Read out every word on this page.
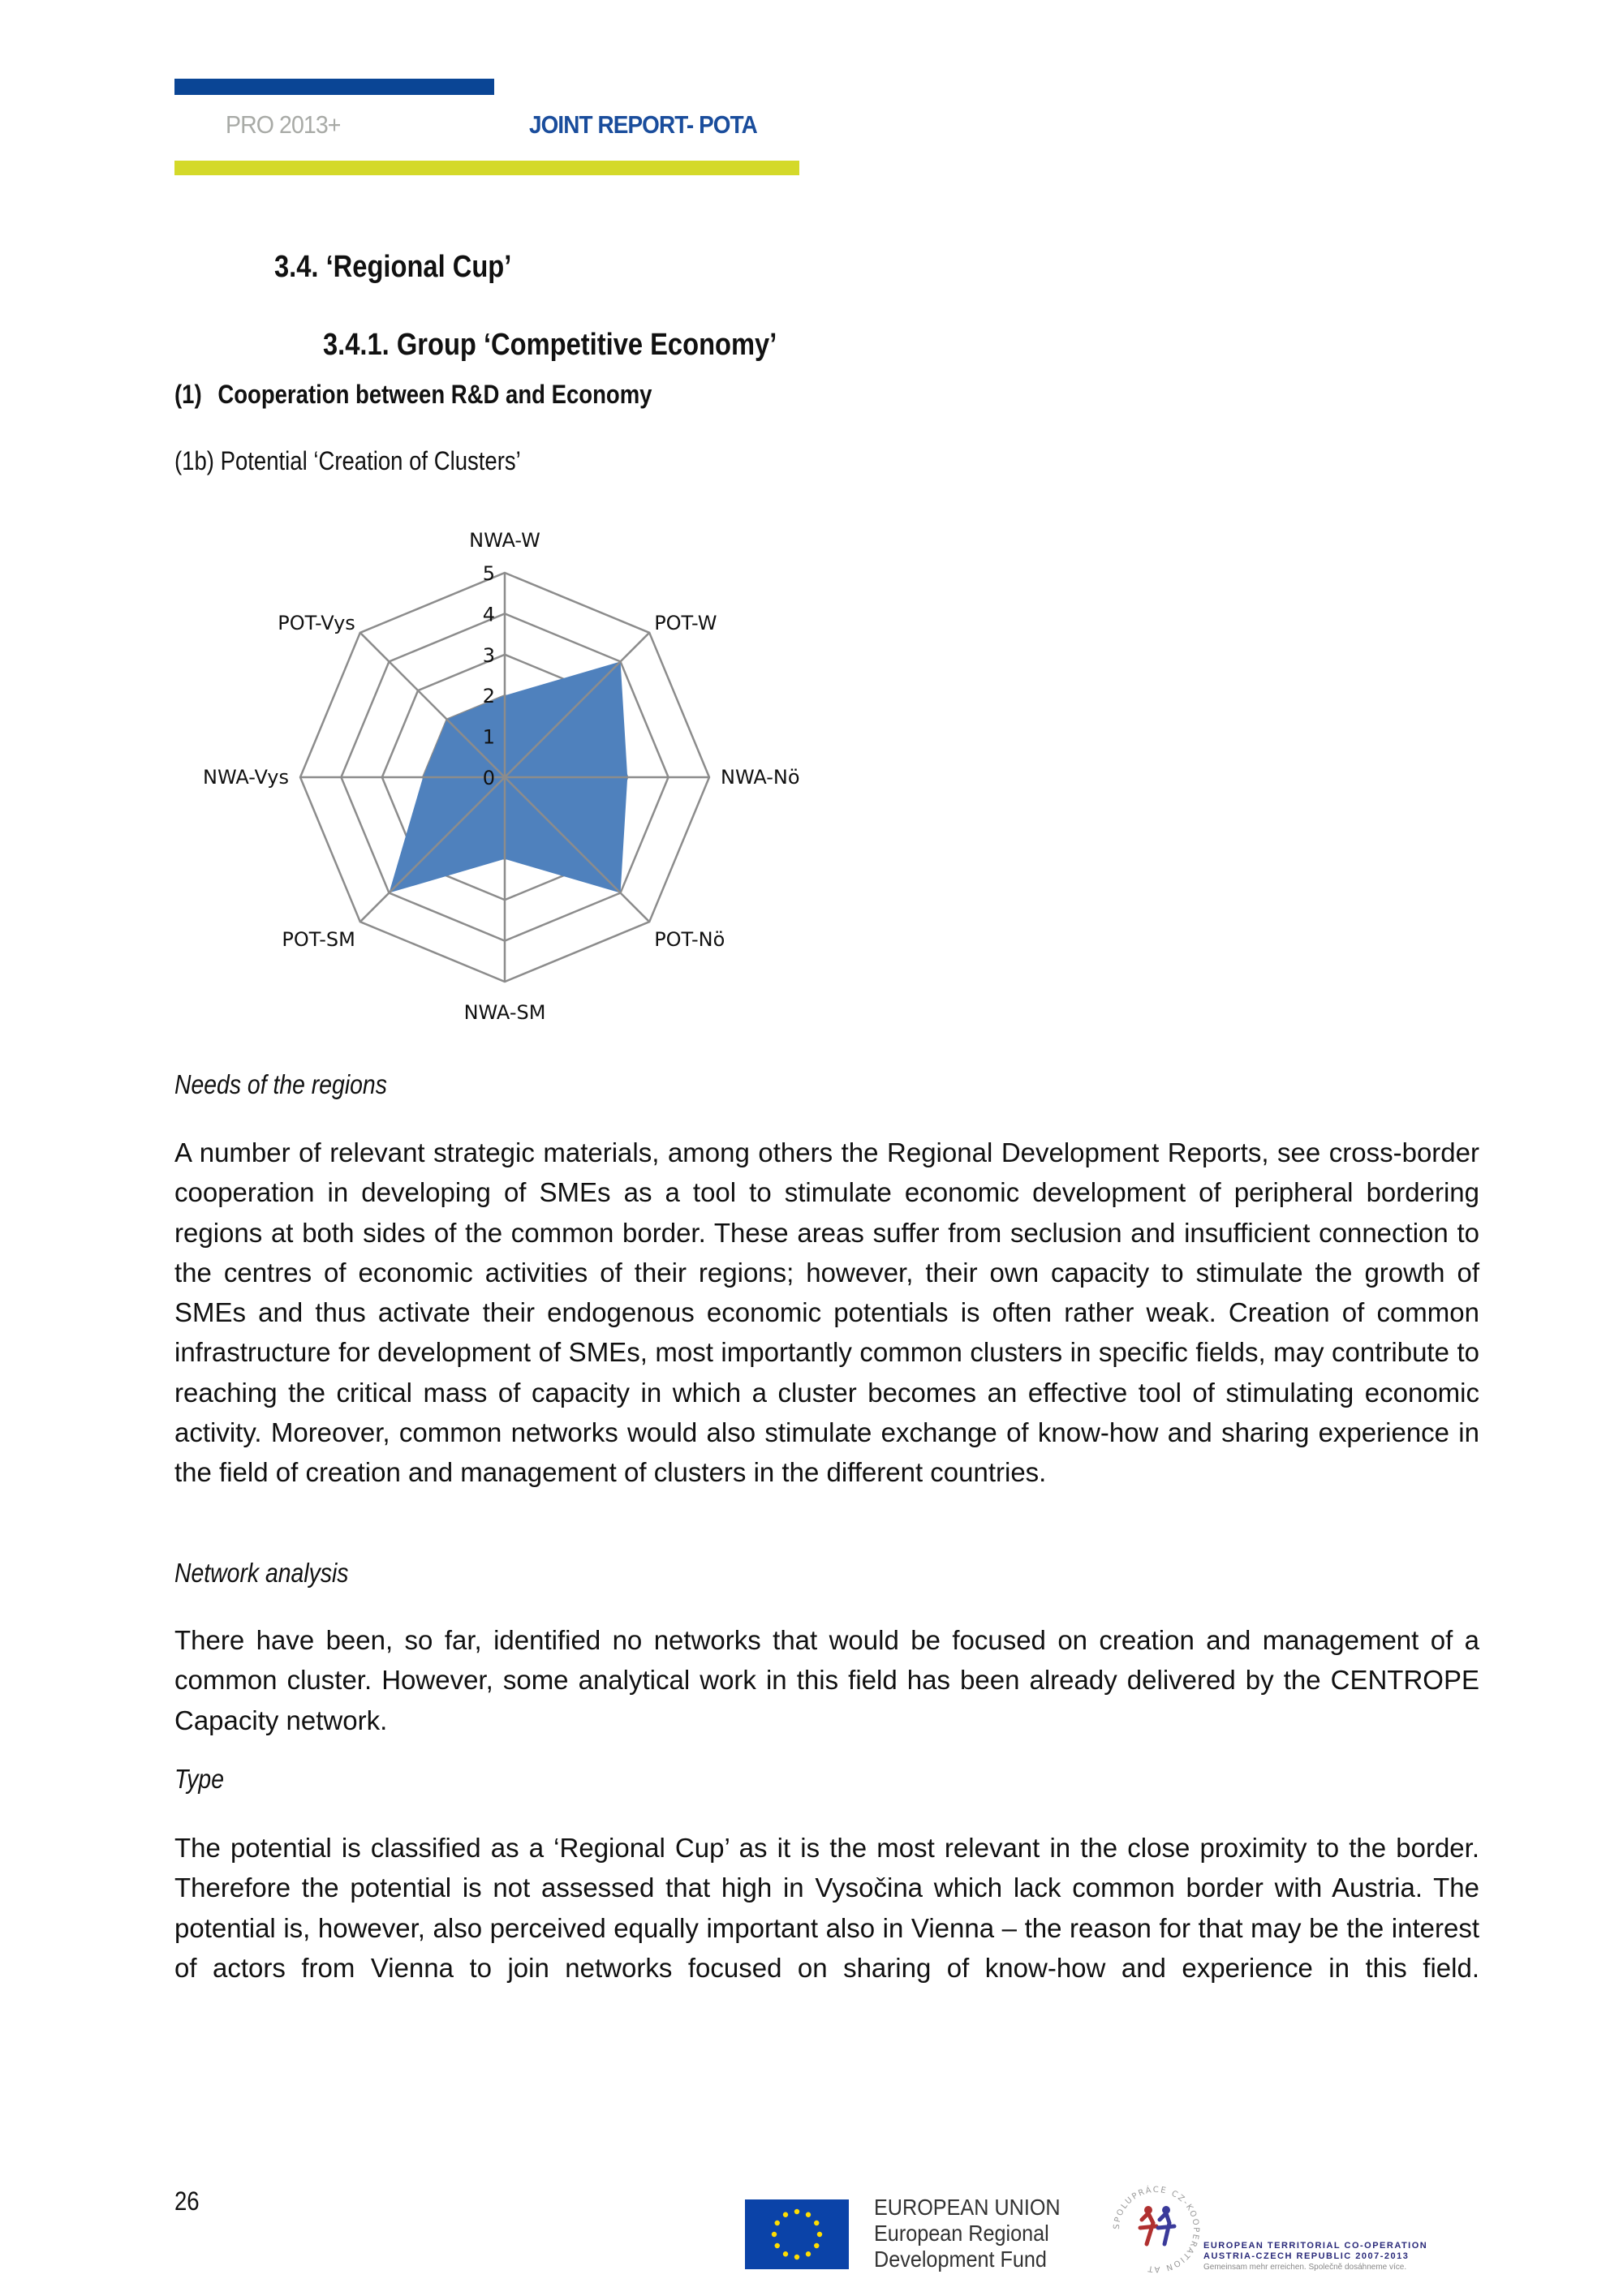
PRO 2013+	JOINT REPORT- POTA
3.4. ‘Regional Cup’
3.4.1. Group ‘Competitive Economy’
(1) Cooperation between R&D and Economy
(1b) Potential ‘Creation of Clusters’
0
1
2
3
4
5
NWA-W
POT-W
NWA-Nö
POT-Nö
NWA-SM
POT-SM
NWA-Vys
POT-Vys
Needs of the regions
A number of relevant strategic materials, among others the Regional Development Reports, see cross-border cooperation in developing of SMEs as a tool to stimulate economic development of peripheral bordering regions at both sides of the common border. These areas suffer from seclusion and insufficient connection to the centres of economic activities of their regions; however, their own capacity to stimulate the growth of SMEs and thus activate their endogenous economic potentials is often rather weak. Creation of common infrastructure for development of SMEs, most importantly common clusters in specific fields, may contribute to reaching the critical mass of capacity in which a cluster becomes an effective tool of stimulating economic activity. Moreover, common networks would also stimulate exchange of know-how and sharing experience in the field of creation and management of clusters in the different countries.
Network analysis
There have been, so far, identified no networks that would be focused on creation and management of a common cluster. However, some analytical work in this field has been already delivered by the CENTROPE Capacity network.
Type
The potential is classified as a ‘Regional Cup’ as it is the most relevant in the close proximity to the border. Therefore the potential is not assessed that high in Vysočina which lack common border with Austria. The potential is, however, also perceived equally important also in Vienna – the reason for that may be the interest of actors from Vienna to join networks focused on sharing of know-how and experience in this field.
26	EUROPEAN UNION
European Regional
Development Fund
SPOLUPRÁCE CZ-KOOPERATION AT
EUROPEAN TERRITORIAL CO-OPERATION
AUSTRIA-CZECH REPUBLIC 2007-2013
Gemeinsam mehr erreichen. Společně dosáhneme více.
